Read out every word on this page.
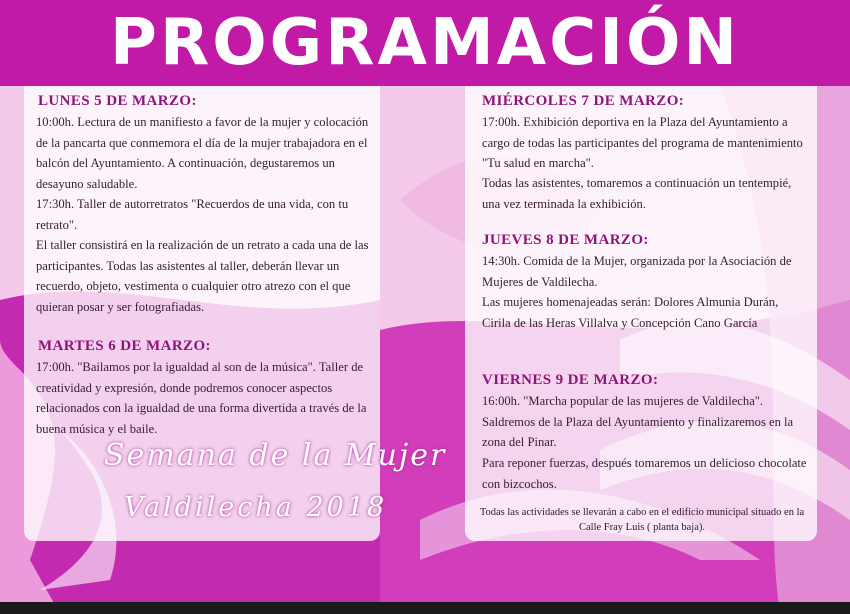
PROGRAMACIÓN
LUNES 5 DE MARZO:

10:00h. Lectura de un manifiesto a favor de la mujer y colocación de la pancarta que conmemora el día de la mujer trabajadora en el balcón del Ayuntamiento. A continuación, degustaremos un desayuno saludable.

17:30h. Taller de autorretratos "Recuerdos de una vida, con tu retrato".

El taller consistirá en la realización de un retrato a cada una de las participantes. Todas las asistentes al taller, deberán llevar un recuerdo, objeto, vestimenta o cualquier otro atrezo con el que quieran posar y ser fotografiadas.

MARTES 6 DE MARZO:

17:00h. "Bailamos por la igualdad al son de la música". Taller de creatividad y expresión, donde podremos conocer aspectos relacionados con la igualdad de una forma divertida a través de la buena música y el baile.

MIÉRCOLES 7 DE MARZO:

17:00h. Exhibición deportiva en la Plaza del Ayuntamiento a cargo de todas las participantes del programa de mantenimiento "Tu salud en marcha".

Todas las asistentes, tomaremos a continuación un tentempié, una vez terminada la exhibición.

JUEVES 8 DE MARZO:

14:30h. Comida de la Mujer, organizada por la Asociación de Mujeres de Valdilecha.

Las mujeres homenajeadas serán: Dolores Almunia Durán, Cirila de las Heras Villalva y Concepción Cano García

VIERNES 9 DE MARZO:

16:00h. "Marcha popular de las mujeres de Valdilecha". Saldremos de la Plaza del Ayuntamiento y finalizaremos en la zona del Pinar.

Para reponer fuerzas, después tomaremos un delicioso chocolate con bizcochos.

Todas las actividades se llevarán a cabo en el edificio municipal situado en la Calle Fray Luis ( planta baja).

Semana de la Mujer
Valdilecha 2018
